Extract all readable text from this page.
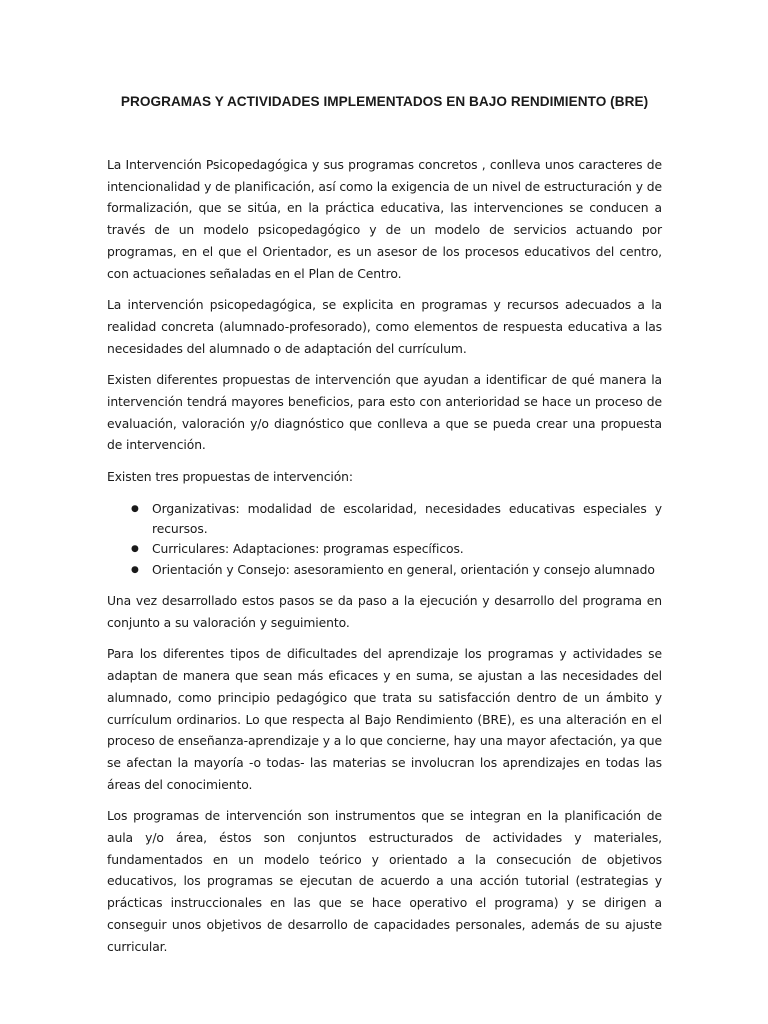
PROGRAMAS Y ACTIVIDADES IMPLEMENTADOS EN BAJO RENDIMIENTO (BRE)

La Intervención Psicopedagógica y sus programas concretos , conlleva unos caracteres de intencionalidad y de planificación, así como la exigencia de un nivel de estructuración y de formalización, que se sitúa, en la práctica educativa, las intervenciones se conducen a través de un modelo psicopedagógico y de un modelo de servicios actuando por programas, en el que el Orientador, es un asesor de los procesos educativos del centro, con actuaciones señaladas en el Plan de Centro.

La intervención psicopedagógica, se explicita en programas y recursos adecuados a la realidad concreta (alumnado-profesorado), como elementos de respuesta educativa a las necesidades del alumnado o de adaptación del currículum.

Existen diferentes propuestas de intervención que ayudan a identificar de qué manera la intervención tendrá mayores beneficios, para esto con anterioridad se hace un proceso de evaluación, valoración y/o diagnóstico que conlleva a que se pueda crear una propuesta de intervención.

Existen tres propuestas de intervención:

● Organizativas: modalidad de escolaridad, necesidades educativas especiales y recursos.
● Curriculares: Adaptaciones: programas específicos.
● Orientación y Consejo: asesoramiento en general, orientación y consejo alumnado

Una vez desarrollado estos pasos se da paso a la ejecución y desarrollo del programa en conjunto a su valoración y seguimiento.

Para los diferentes tipos de dificultades del aprendizaje los programas y actividades se adaptan de manera que sean más eficaces y en suma, se ajustan a las necesidades del alumnado, como principio pedagógico que trata su satisfacción dentro de un ámbito y currículum ordinarios. Lo que respecta al Bajo Rendimiento (BRE), es una alteración en el proceso de enseñanza-aprendizaje y a lo que concierne, hay una mayor afectación, ya que se afectan la mayoría -o todas- las materias se involucran los aprendizajes en todas las áreas del conocimiento.

Los programas de intervención son instrumentos que se integran en la planificación de aula y/o área, éstos son conjuntos estructurados de actividades y materiales, fundamentados en un modelo teórico y orientado a la consecución de objetivos educativos, los programas se ejecutan de acuerdo a una acción tutorial (estrategias y prácticas instruccionales en las que se hace operativo el programa) y se dirigen a conseguir unos objetivos de desarrollo de capacidades personales, además de su ajuste curricular.
